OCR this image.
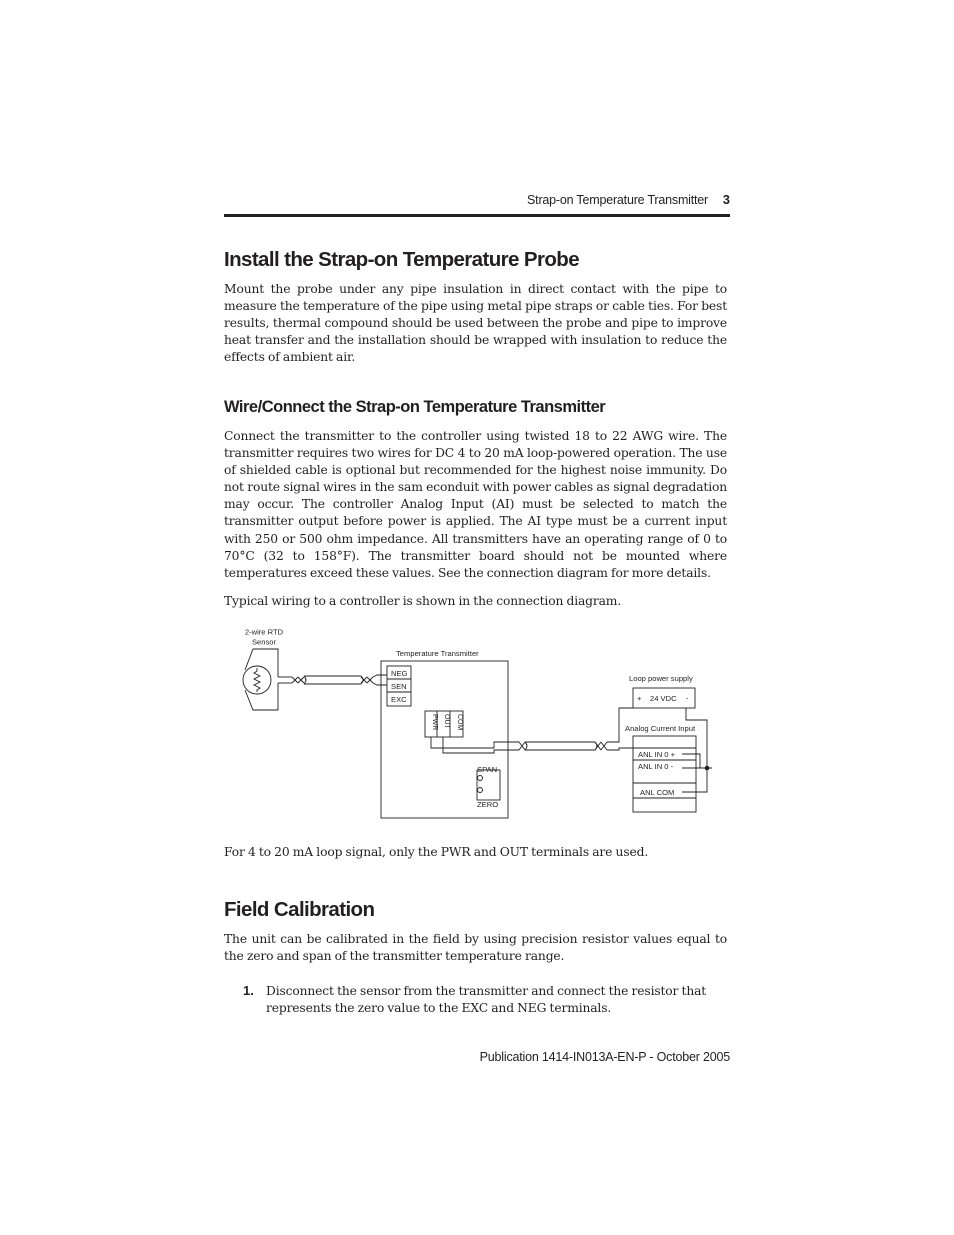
Strap-on Temperature Transmitter 3
Install the Strap-on Temperature Probe

Mount the probe under any pipe insulation in direct contact with the pipe to measure the temperature of the pipe using metal pipe straps or cable ties. For best results, thermal compound should be used between the probe and pipe to improve heat transfer and the installation should be wrapped with insulation to reduce the effects of ambient air.

Wire/Connect the Strap-on Temperature Transmitter

Connect the transmitter to the controller using twisted 18 to 22 AWG wire. The transmitter requires two wires for DC 4 to 20 mA loop-powered operation. The use of shielded cable is optional but recommended for the highest noise immunity. Do not route signal wires in the sam econduit with power cables as signal degradation may occur. The controller Analog Input (AI) must be selected to match the transmitter output before power is applied. The AI type must be a current input with 250 or 500 ohm impedance. All transmitters have an operating range of 0 to 70°C (32 to 158°F). The transmitter board should not be mounted where temperatures exceed these values. See the connection diagram for more details.

Typical wiring to a controller is shown in the connection diagram.

2-wire RTD
Sensor
Temperature Transmitter
NEG
SEN
EXC
PWR OUT COM
SPAN
ZERO
Loop power supply
+ 24 VDC -
Analog Current Input
ANL IN 0 +
ANL IN 0 -
ANL COM

For 4 to 20 mA loop signal, only the PWR and OUT terminals are used.

Field Calibration

The unit can be calibrated in the field by using precision resistor values equal to the zero and span of the transmitter temperature range.

1. Disconnect the sensor from the transmitter and connect the resistor that represents the zero value to the EXC and NEG terminals.
Publication 1414-IN013A-EN-P - October 2005
